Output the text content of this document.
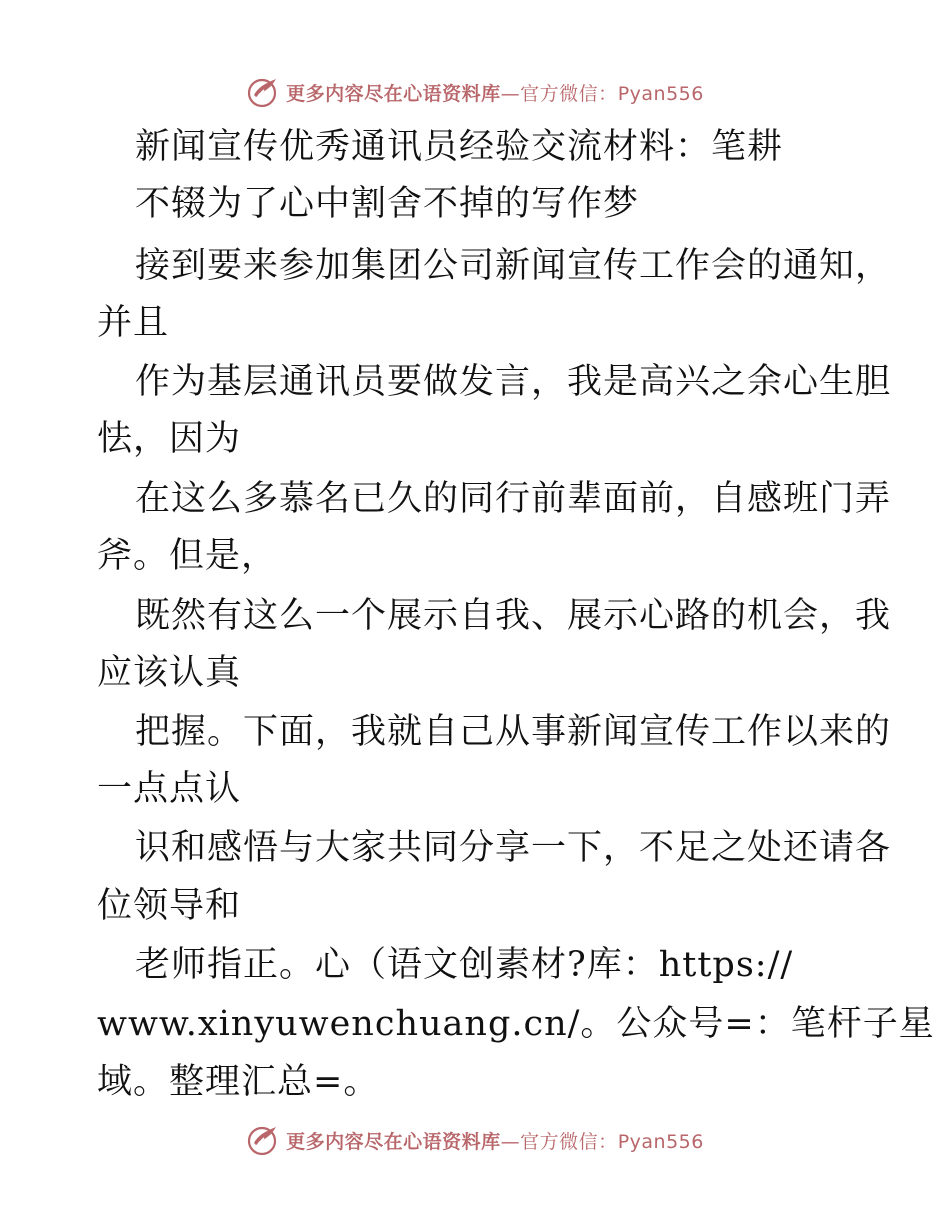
更多内容尽在心语资料库—官方微信：Pyan556
新闻宣传优秀通讯员经验交流材料：笔耕
不辍为了心中割舍不掉的写作梦
接到要来参加集团公司新闻宣传工作会的通知，
并且
作为基层通讯员要做发言，我是高兴之余心生胆
怯，因为
在这么多慕名已久的同行前辈面前，自感班门弄
斧。但是，
既然有这么一个展示自我、展示心路的机会，我
应该认真
把握。下面，我就自己从事新闻宣传工作以来的
一点点认
识和感悟与大家共同分享一下，不足之处还请各
位领导和
老师指正。心（语文创素材?库：https://
www.xinyuwenchuang.cn/。公众号=：笔杆子星
域。整理汇总=。
更多内容尽在心语资料库—官方微信：Pyan556
